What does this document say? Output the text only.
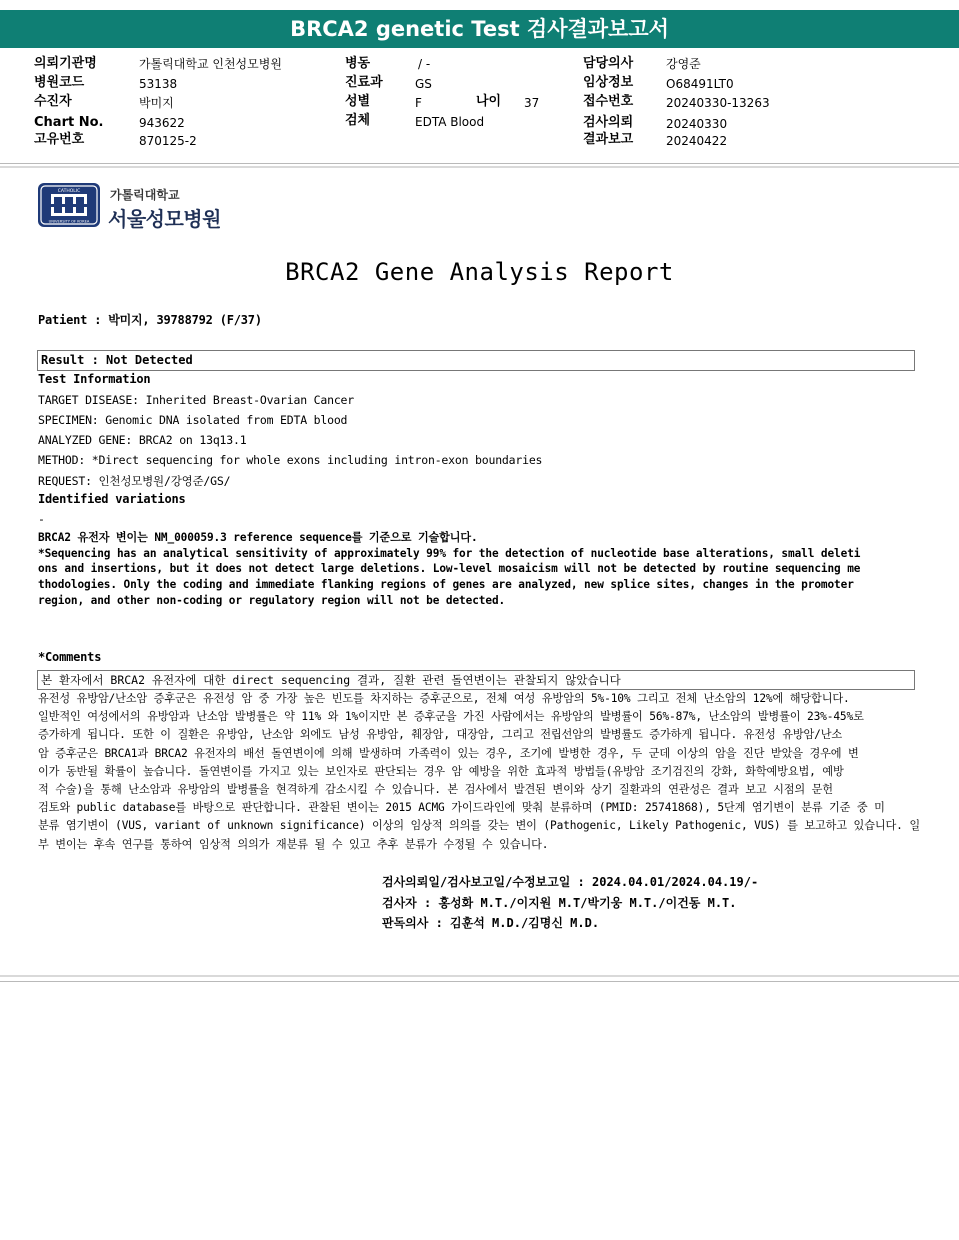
BRCA2 genetic Test 검사결과보고서
의뢰기관명	가톨릭대학교 인천성모병원
병원코드	53138
수진자	박미지
Chart No.	943622
고유번호	870125-2
병동	/ -
진료과	GS
성별	F	나이 37
검체	EDTA Blood
담당의사	강영준
임상정보	O68491LT0
접수번호	20240330-13263
검사의뢰	20240330
결과보고	20240422
CATHOLIC
UNIVERSITY OF KOREA
가톨릭대학교
서울성모병원
BRCA2 Gene Analysis Report
Patient : 박미지, 39788792 (F/37)
Result : Not Detected
Test Information
TARGET DISEASE: Inherited Breast-Ovarian Cancer
SPECIMEN: Genomic DNA isolated from EDTA blood
ANALYZED GENE: BRCA2 on 13q13.1
METHOD: *Direct sequencing for whole exons including intron-exon boundaries
REQUEST: 인천성모병원/강영준/GS/
Identified variations
-
BRCA2 유전자 변이는 NM_000059.3 reference sequence를 기준으로 기술합니다.
*Sequencing has an analytical sensitivity of approximately 99% for the detection of nucleotide base alterations, small deleti
ons and insertions, but it does not detect large deletions. Low-level mosaicism will not be detected by routine sequencing me
thodologies. Only the coding and immediate flanking regions of genes are analyzed, new splice sites, changes in the promoter
region, and other non-coding or regulatory region will not be detected.
*Comments
본 환자에서 BRCA2 유전자에 대한 direct sequencing 결과, 질환 관련 돌연변이는 관찰되지 않았습니다
유전성 유방암/난소암 증후군은 유전성 암 중 가장 높은 빈도를 차지하는 증후군으로, 전체 여성 유방암의 5%-10% 그리고 전체 난소암의 12%에 해당합니다.
일반적인 여성에서의 유방암과 난소암 발병률은 약 11% 와 1%이지만 본 증후군을 가진 사람에서는 유방암의 발병률이 56%-87%, 난소암의 발병률이 23%-45%로
증가하게 됩니다. 또한 이 질환은 유방암, 난소암 외에도 남성 유방암, 췌장암, 대장암, 그리고 전립선암의 발병률도 증가하게 됩니다. 유전성 유방암/난소
암 증후군은 BRCA1과 BRCA2 유전자의 배선 돌연변이에 의해 발생하며 가족력이 있는 경우, 조기에 발병한 경우, 두 군데 이상의 암을 진단 받았을 경우에 변
이가 동반될 확률이 높습니다. 돌연변이를 가지고 있는 보인자로 판단되는 경우 암 예방을 위한 효과적 방법들(유방암 조기검진의 강화, 화학예방요법, 예방
적 수술)을 통해 난소암과 유방암의 발병률을 현격하게 감소시킬 수 있습니다. 본 검사에서 발견된 변이와 상기 질환과의 연관성은 결과 보고 시점의 문헌
검토와 public database를 바탕으로 판단합니다. 관찰된 변이는 2015 ACMG 가이드라인에 맞춰 분류하며 (PMID: 25741868), 5단계 염기변이 분류 기준 중 미
분류 염기변이 (VUS, variant of unknown significance) 이상의 임상적 의의를 갖는 변이 (Pathogenic, Likely Pathogenic, VUS) 를 보고하고 있습니다. 일
부 변이는 후속 연구를 통하여 임상적 의의가 재분류 될 수 있고 추후 분류가 수정될 수 있습니다.
검사의뢰일/검사보고일/수정보고일 : 2024.04.01/2024.04.19/-
검사자 : 홍성화 M.T./이지원 M.T/박기웅 M.T./이건동 M.T.
판독의사 : 김훈석 M.D./김명신 M.D.
